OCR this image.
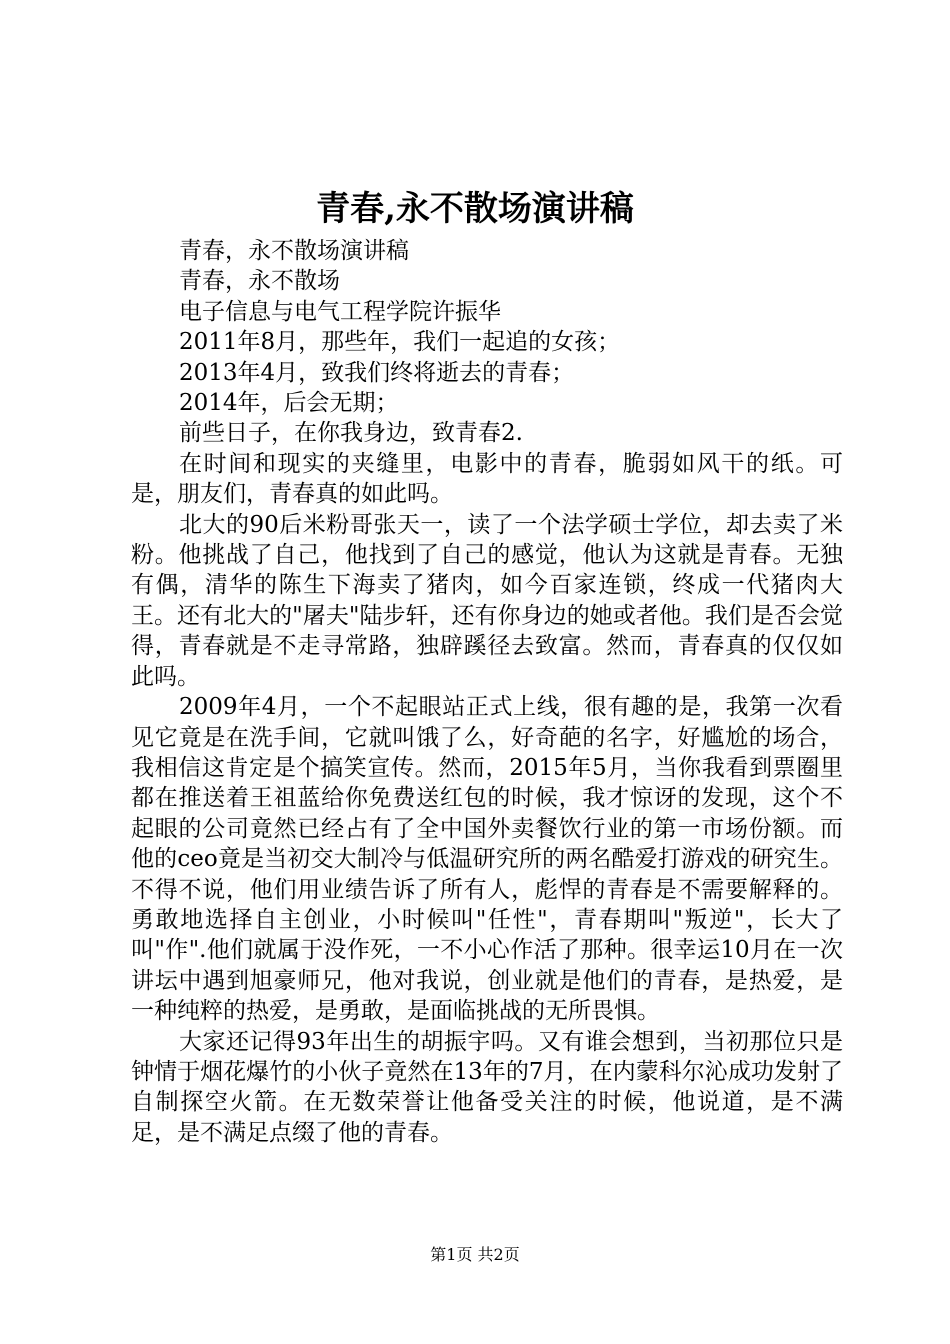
青春,永不散场演讲稿

青春，永不散场演讲稿

青春，永不散场

电子信息与电气工程学院许振华

2011年8月，那些年，我们一起追的女孩；

2013年4月，致我们终将逝去的青春；

2014年，后会无期；

前些日子，在你我身边，致青春2.

在时间和现实的夹缝里，电影中的青春，脆弱如风干的纸。可是，朋友们，青春真的如此吗。

北大的90后米粉哥张天一，读了一个法学硕士学位，却去卖了米粉。他挑战了自己，他找到了自己的感觉，他认为这就是青春。无独有偶，清华的陈生下海卖了猪肉，如今百家连锁，终成一代猪肉大王。还有北大的"屠夫"陆步轩，还有你身边的她或者他。我们是否会觉得，青春就是不走寻常路，独辟蹊径去致富。然而，青春真的仅仅如此吗。

2009年4月，一个不起眼站正式上线，很有趣的是，我第一次看见它竟是在洗手间，它就叫饿了么，好奇葩的名字，好尴尬的场合，我相信这肯定是个搞笑宣传。然而，2015年5月，当你我看到票圈里都在推送着王祖蓝给你免费送红包的时候，我才惊讶的发现，这个不起眼的公司竟然已经占有了全中国外卖餐饮行业的第一市场份额。而他的ceo竟是当初交大制冷与低温研究所的两名酷爱打游戏的研究生。不得不说，他们用业绩告诉了所有人，彪悍的青春是不需要解释的。勇敢地选择自主创业，小时候叫"任性"，青春期叫"叛逆"，长大了叫"作".他们就属于没作死，一不小心作活了那种。很幸运10月在一次讲坛中遇到旭豪师兄，他对我说，创业就是他们的青春，是热爱，是一种纯粹的热爱，是勇敢，是面临挑战的无所畏惧。

大家还记得93年出生的胡振宇吗。又有谁会想到，当初那位只是钟情于烟花爆竹的小伙子竟然在13年的7月，在内蒙科尔沁成功发射了自制探空火箭。在无数荣誉让他备受关注的时候，他说道，是不满足，是不满足点缀了他的青春。

第1页 共2页
